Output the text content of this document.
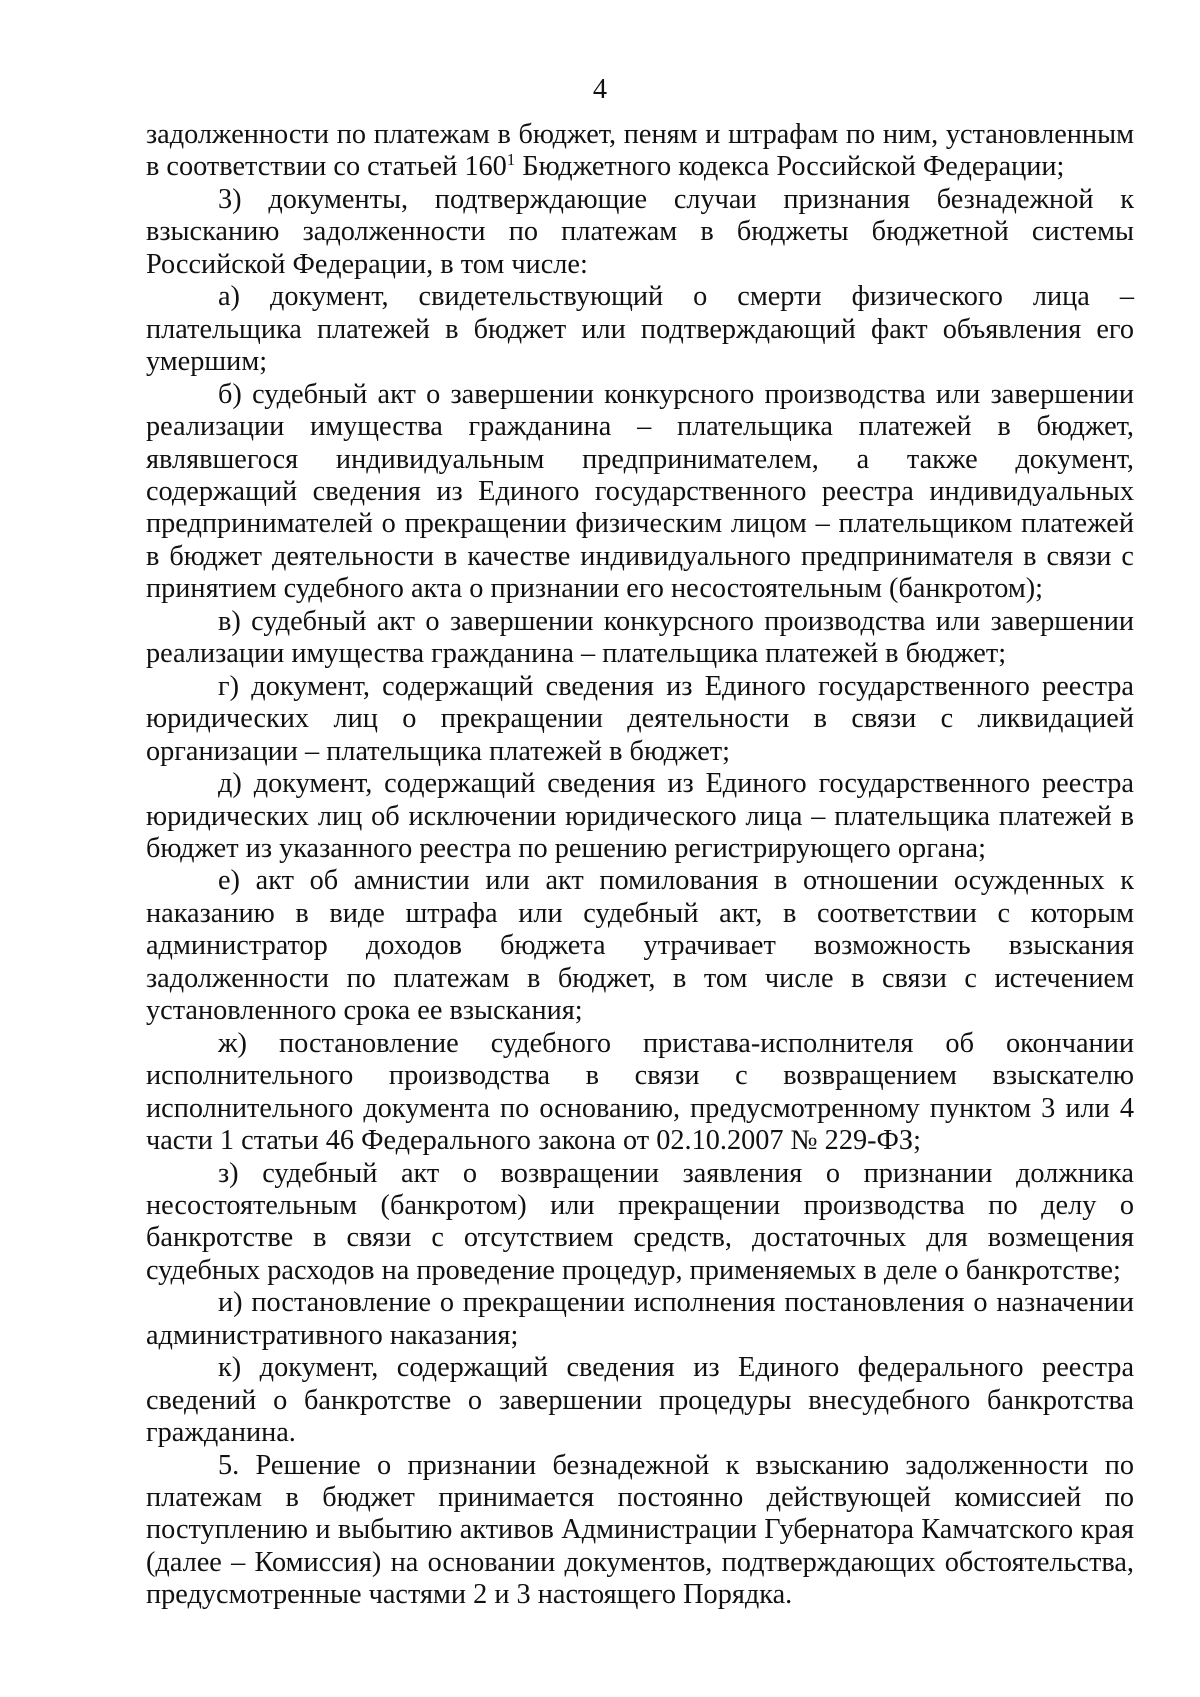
4

задолженности по платежам в бюджет, пеням и штрафам по ним, установленным в соответствии со статьей $160^1$ Бюджетного кодекса Российской Федерации;

3) документы, подтверждающие случаи признания безнадежной к взысканию задолженности по платежам в бюджеты бюджетной системы Российской Федерации, в том числе:

а) документ, свидетельствующий о смерти физического лица – плательщика платежей в бюджет или подтверждающий факт объявления его умершим;

б) судебный акт о завершении конкурсного производства или завершении реализации имущества гражданина – плательщика платежей в бюджет, являвшегося индивидуальным предпринимателем, а также документ, содержащий сведения из Единого государственного реестра индивидуальных предпринимателей о прекращении физическим лицом – плательщиком платежей в бюджет деятельности в качестве индивидуального предпринимателя в связи с принятием судебного акта о признании его несостоятельным (банкротом);

в) судебный акт о завершении конкурсного производства или завершении реализации имущества гражданина – плательщика платежей в бюджет;

г) документ, содержащий сведения из Единого государственного реестра юридических лиц о прекращении деятельности в связи с ликвидацией организации – плательщика платежей в бюджет;

д) документ, содержащий сведения из Единого государственного реестра юридических лиц об исключении юридического лица – плательщика платежей в бюджет из указанного реестра по решению регистрирующего органа;

е) акт об амнистии или акт помилования в отношении осужденных к наказанию в виде штрафа или судебный акт, в соответствии с которым администратор доходов бюджета утрачивает возможность взыскания задолженности по платежам в бюджет, в том числе в связи с истечением установленного срока ее взыскания;

ж) постановление судебного пристава-исполнителя об окончании исполнительного производства в связи с возвращением взыскателю исполнительного документа по основанию, предусмотренному пунктом 3 или 4 части 1 статьи 46 Федерального закона от 02.10.2007 № 229-ФЗ;

з) судебный акт о возвращении заявления о признании должника несостоятельным (банкротом) или прекращении производства по делу о банкротстве в связи с отсутствием средств, достаточных для возмещения судебных расходов на проведение процедур, применяемых в деле о банкротстве;

и) постановление о прекращении исполнения постановления о назначении административного наказания;

к) документ, содержащий сведения из Единого федерального реестра сведений о банкротстве о завершении процедуры внесудебного банкротства гражданина.

5. Решение о признании безнадежной к взысканию задолженности по платежам в бюджет принимается постоянно действующей комиссией по поступлению и выбытию активов Администрации Губернатора Камчатского края (далее – Комиссия) на основании документов, подтверждающих обстоятельства, предусмотренные частями 2 и 3 настоящего Порядка.
